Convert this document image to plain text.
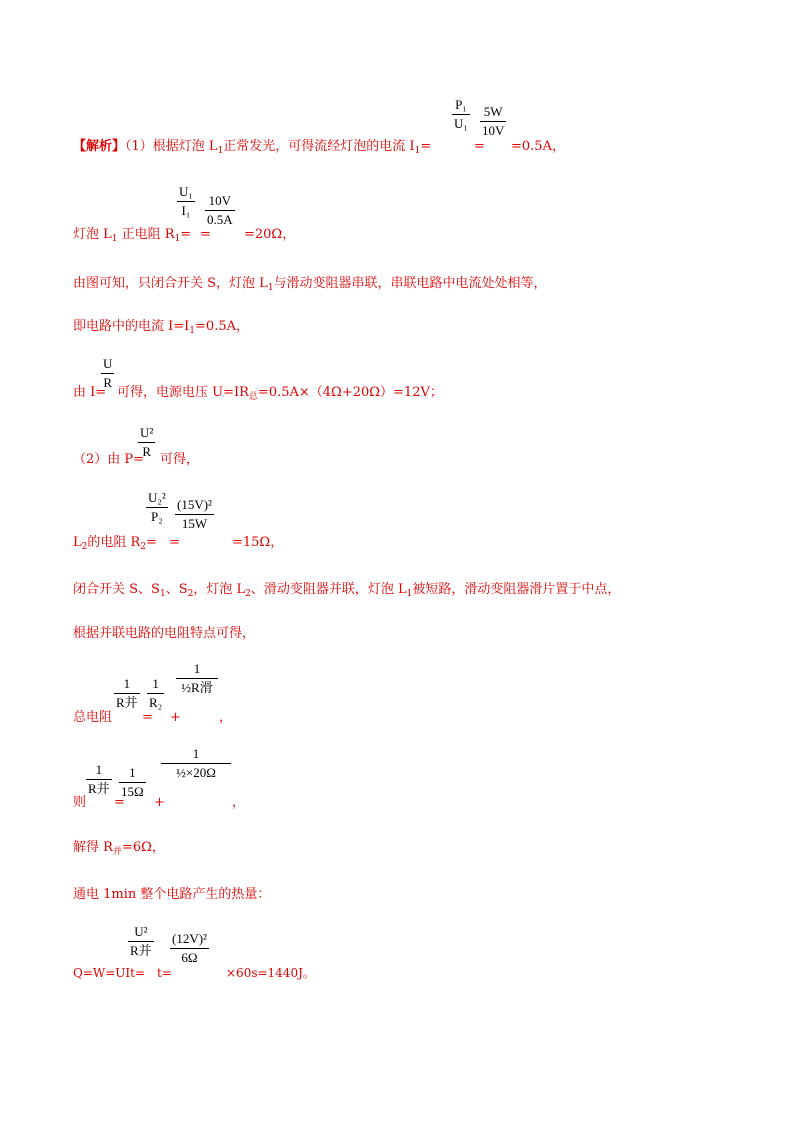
【解析】（1）根据灯泡 $L_1$正常发光，可得流经灯泡的电流 $I_1=$
P₁
U₁
=
5W
10V
=0.5A，
灯泡 $L_1$ 正电阻 $R_1=$
U₁
I₁
=
10V
0.5A
=20Ω，
由图可知，只闭合开关 S，灯泡 $L_1$与滑动变阻器串联，串联电路中电流处处相等，
即电路中的电流 $I=I_1=0.5A$，
由 I=
U
R
可得，电源电压 $U=IR_总=0.5A\times(4\Omega+20\Omega)=12V$；
（2）由 P=
U²
R
可得，
$L_2$的电阻 $R_2=$
U₂²
P₂
=
(15V)²
15W
=15Ω，
闭合开关 S、$S_1$、$S_2$，灯泡 $L_2$、滑动变阻器并联，灯泡 $L_1$被短路，滑动变阻器滑片置于中点，
根据并联电路的电阻特点可得，
总电阻
1
R并
=
1
R₂
+
1
½R滑
，
则
1
R并
=
1
15Ω
+
1
½×20Ω
，
解得 $R_并=6\Omega$，
通电 1min 整个电路产生的热量：
Q=W=UIt=
U²
R并
t=
(12V)²
6Ω
×60s=1440J。
